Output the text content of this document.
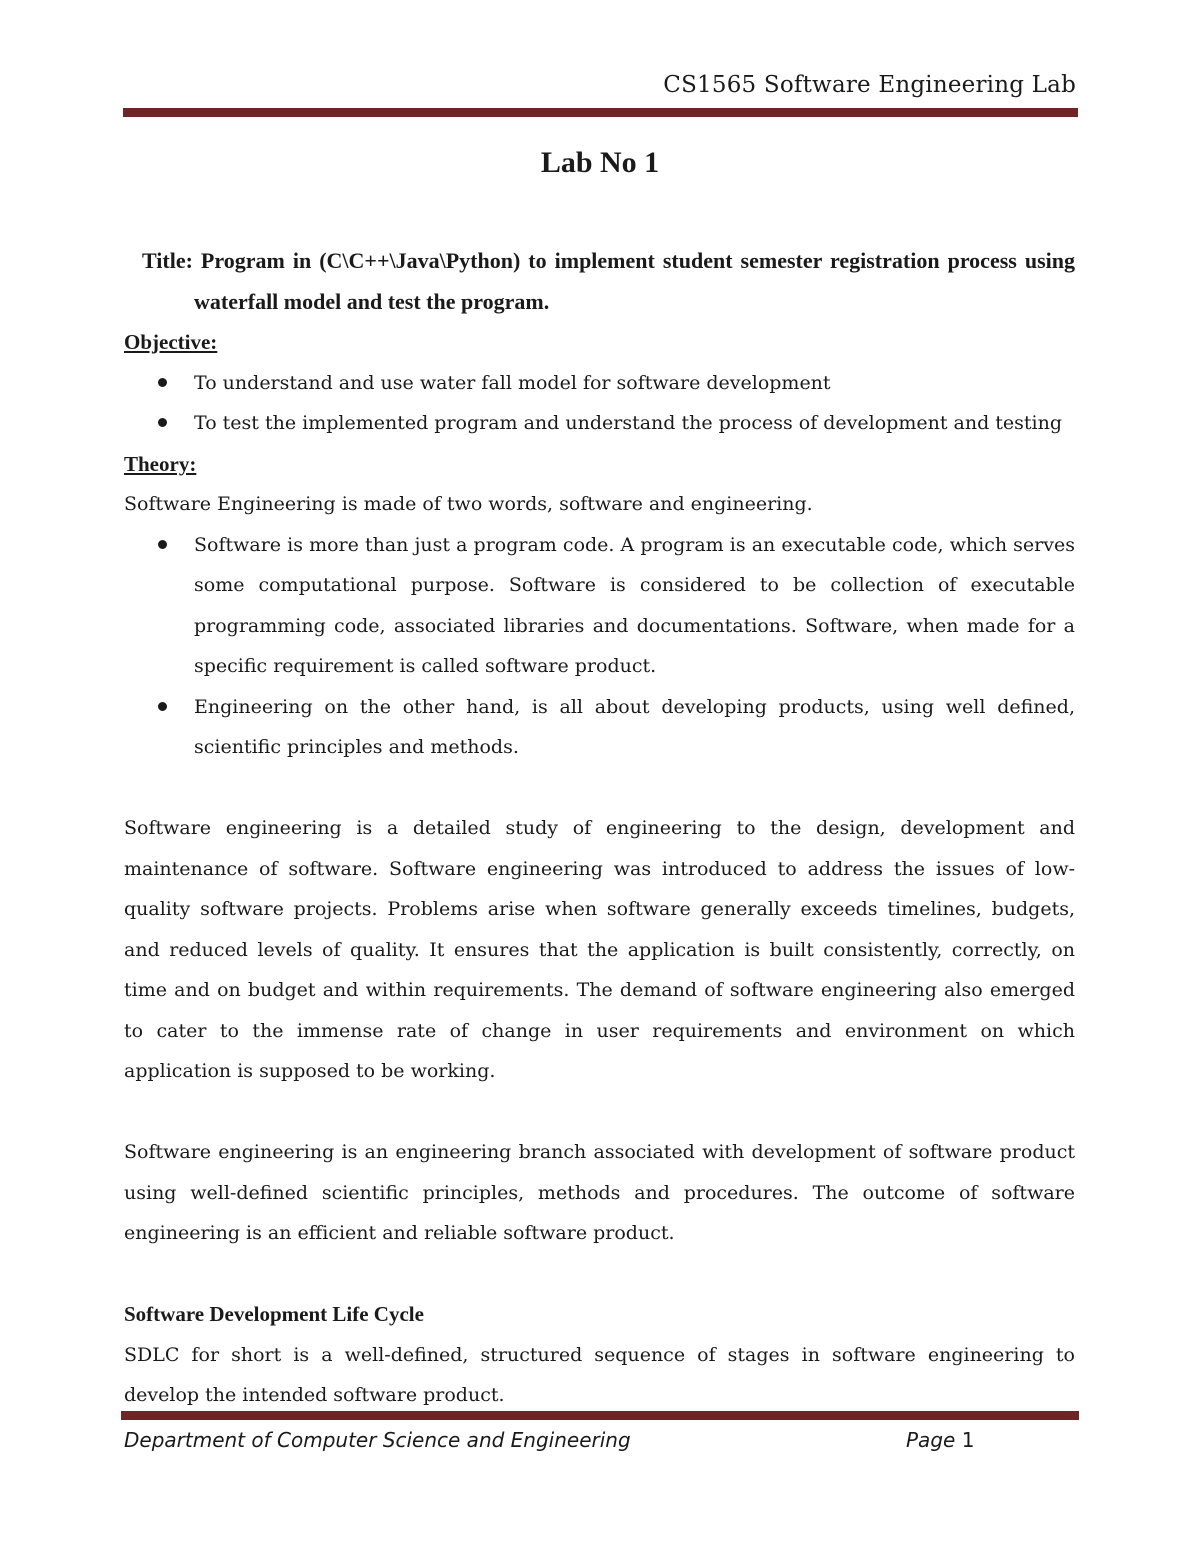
CS1565 Software Engineering Lab
Lab No 1
Title: Program in (C\C++\Java\Python) to implement student semester registration process using waterfall model and test the program.
Objective:
To understand and use water fall model for software development
To test the implemented program and understand the process of development and testing
Theory:

Software Engineering is made of two words, software and engineering.

Software is more than just a program code. A program is an executable code, which serves some computational purpose. Software is considered to be collection of executable programming code, associated libraries and documentations. Software, when made for a specific requirement is called software product.
Engineering on the other hand, is all about developing products, using well defined, scientific principles and methods.

Software engineering is a detailed study of engineering to the design, development and maintenance of software. Software engineering was introduced to address the issues of low-quality software projects. Problems arise when software generally exceeds timelines, budgets, and reduced levels of quality. It ensures that the application is built consistently, correctly, on time and on budget and within requirements. The demand of software engineering also emerged to cater to the immense rate of change in user requirements and environment on which application is supposed to be working.

Software engineering is an engineering branch associated with development of software product using well-defined scientific principles, methods and procedures. The outcome of software engineering is an efficient and reliable software product.

Software Development Life Cycle

SDLC for short is a well-defined, structured sequence of stages in software engineering to develop the intended software product.

Department of Computer Science and Engineering	Page 1
